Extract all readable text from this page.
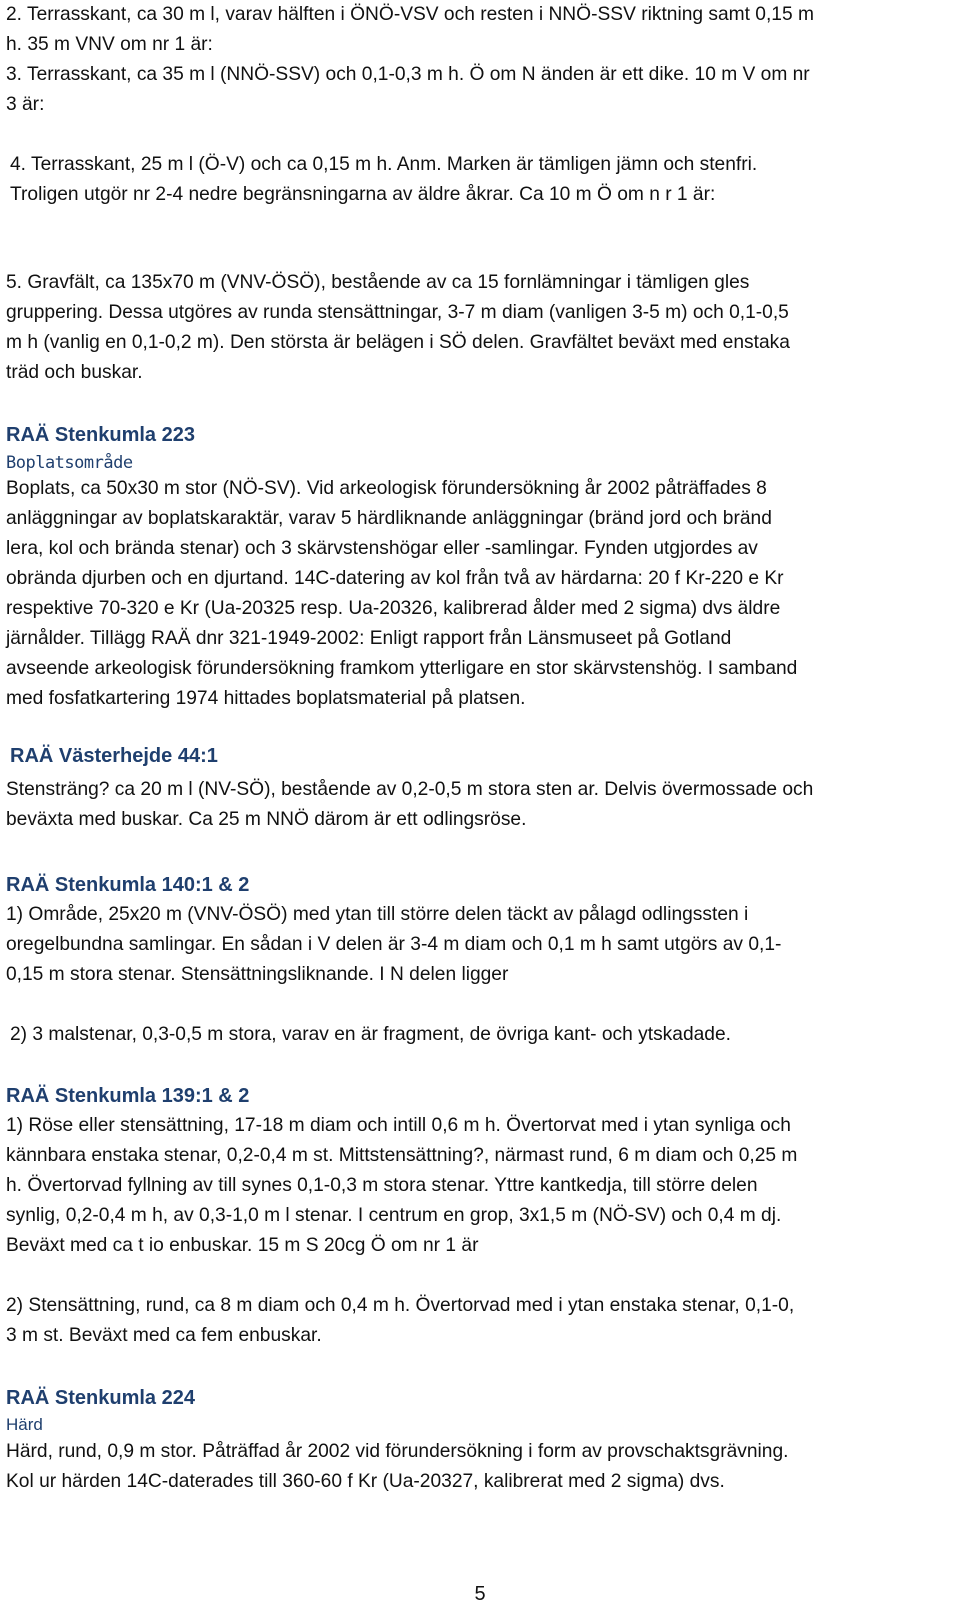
2. Terrasskant, ca 30 m l, varav hälften i ÖNÖ-VSV och resten i NNÖ-SSV riktning samt 0,15 m
h. 35 m VNV om nr 1 är:

3. Terrasskant, ca 35 m l (NNÖ-SSV) och 0,1-0,3 m h. Ö om N änden är ett dike. 10 m V om nr
3 är:

4. Terrasskant, 25 m l (Ö-V) och ca 0,15 m h. Anm. Marken är tämligen jämn och stenfri.
Troligen utgör nr 2-4 nedre begränsningarna av äldre åkrar. Ca 10 m Ö om n r 1 är:

5. Gravfält, ca 135x70 m (VNV-ÖSÖ), bestående av ca 15 fornlämningar i tämligen gles
gruppering. Dessa utgöres av runda stensättningar, 3-7 m diam (vanligen 3-5 m) och 0,1-0,5
m h (vanlig en 0,1-0,2 m). Den största är belägen i SÖ delen. Gravfältet beväxt med enstaka
träd och buskar.

RAÄ Stenkumla 223
Boplatsområde

Boplats, ca 50x30 m stor (NÖ-SV). Vid arkeologisk förundersökning år 2002 påträffades 8
anläggningar av boplatskaraktär, varav 5 härdliknande anläggningar (bränd jord och bränd
lera, kol och brända stenar) och 3 skärvstenshögar eller -samlingar. Fynden utgjordes av
obrända djurben och en djurtand. 14C-datering av kol från två av härdarna: 20 f Kr-220 e Kr
respektive 70-320 e Kr (Ua-20325 resp. Ua-20326, kalibrerad ålder med 2 sigma) dvs äldre
järnålder. Tillägg RAÄ dnr 321-1949-2002: Enligt rapport från Länsmuseet på Gotland
avseende arkeologisk förundersökning framkom ytterligare en stor skärvstenshög. I samband
med fosfatkartering 1974 hittades boplatsmaterial på platsen.

RAÄ Västerhejde 44:1

Stensträng? ca 20 m l (NV-SÖ), bestående av 0,2-0,5 m stora sten ar. Delvis övermossade och
beväxta med buskar. Ca 25 m NNÖ därom är ett odlingsröse.

RAÄ Stenkumla 140:1 & 2

1) Område, 25x20 m (VNV-ÖSÖ) med ytan till större delen täckt av pålagd odlingssten i
oregelbundna samlingar. En sådan i V delen är 3-4 m diam och 0,1 m h samt utgörs av 0,1-
0,15 m stora stenar. Stensättningsliknande. I N delen ligger

2) 3 malstenar, 0,3-0,5 m stora, varav en är fragment, de övriga kant- och ytskadade.

RAÄ Stenkumla 139:1 & 2

1) Röse eller stensättning, 17-18 m diam och intill 0,6 m h. Övertorvat med i ytan synliga och
kännbara enstaka stenar, 0,2-0,4 m st. Mittstensättning?, närmast rund, 6 m diam och 0,25 m
h. Övertorvad fyllning av till synes 0,1-0,3 m stora stenar. Yttre kantkedja, till större delen
synlig, 0,2-0,4 m h, av 0,3-1,0 m l stenar. I centrum en grop, 3x1,5 m (NÖ-SV) och 0,4 m dj.
Beväxt med ca t io enbuskar. 15 m S 20cg Ö om nr 1 är

2) Stensättning, rund, ca 8 m diam och 0,4 m h. Övertorvad med i ytan enstaka stenar, 0,1-0,
3 m st. Beväxt med ca fem enbuskar.

RAÄ Stenkumla 224
Härd

Härd, rund, 0,9 m stor. Påträffad år 2002 vid förundersökning i form av provschaktsgrävning.
Kol ur härden 14C-daterades till 360-60 f Kr (Ua-20327, kalibrerat med 2 sigma) dvs.

5
